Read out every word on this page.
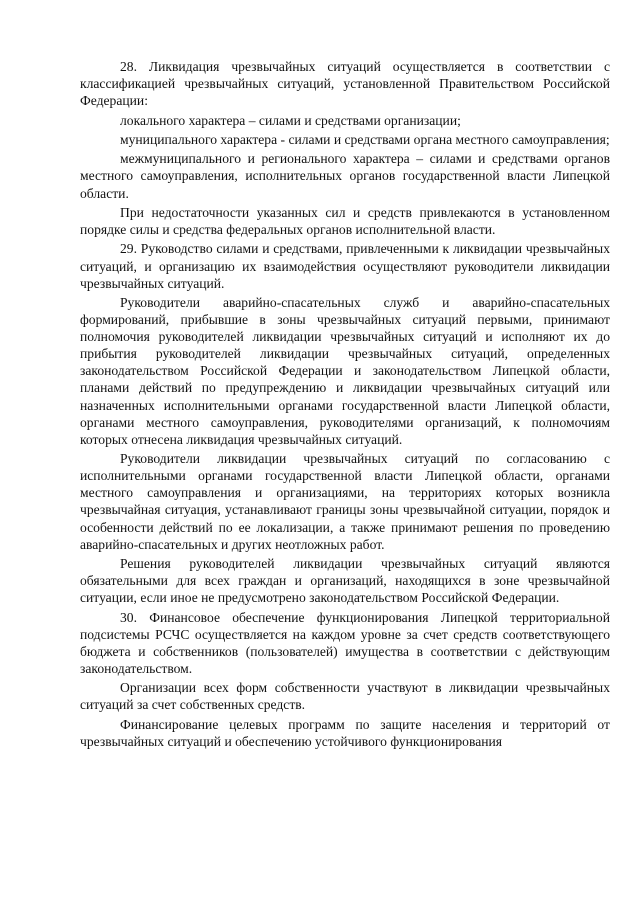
28. Ликвидация чрезвычайных ситуаций осуществляется в соответствии с классификацией чрезвычайных ситуаций, установленной Правительством Российской Федерации:

локального характера – силами и средствами организации;

муниципального характера - силами и средствами органа местного самоуправления;

межмуниципального и регионального характера – силами и средствами органов местного самоуправления, исполнительных органов государственной власти Липецкой области.

При недостаточности указанных сил и средств привлекаются в установленном порядке силы и средства федеральных органов исполнительной власти.

29. Руководство силами и средствами, привлеченными к ликвидации чрезвычайных ситуаций, и организацию их взаимодействия осуществляют руководители ликвидации чрезвычайных ситуаций.

Руководители аварийно-спасательных служб и аварийно-спасательных формирований, прибывшие в зоны чрезвычайных ситуаций первыми, принимают полномочия руководителей ликвидации чрезвычайных ситуаций и исполняют их до прибытия руководителей ликвидации чрезвычайных ситуаций, определенных законодательством Российской Федерации и законодательством Липецкой области, планами действий по предупреждению и ликвидации чрезвычайных ситуаций или назначенных исполнительными органами государственной власти Липецкой области, органами местного самоуправления, руководителями организаций, к полномочиям которых отнесена ликвидация чрезвычайных ситуаций.

Руководители ликвидации чрезвычайных ситуаций по согласованию с исполнительными органами государственной власти Липецкой области, органами местного самоуправления и организациями, на территориях которых возникла чрезвычайная ситуация, устанавливают границы зоны чрезвычайной ситуации, порядок и особенности действий по ее локализации, а также принимают решения по проведению аварийно-спасательных и других неотложных работ.

Решения руководителей ликвидации чрезвычайных ситуаций являются обязательными для всех граждан и организаций, находящихся в зоне чрезвычайной ситуации, если иное не предусмотрено законодательством Российской Федерации.

30. Финансовое обеспечение функционирования Липецкой территориальной подсистемы РСЧС осуществляется на каждом уровне за счет средств соответствующего бюджета и собственников (пользователей) имущества в соответствии с действующим законодательством.

Организации всех форм собственности участвуют в ликвидации чрезвычайных ситуаций за счет собственных средств.

Финансирование целевых программ по защите населения и территорий от чрезвычайных ситуаций и обеспечению устойчивого функционирования
